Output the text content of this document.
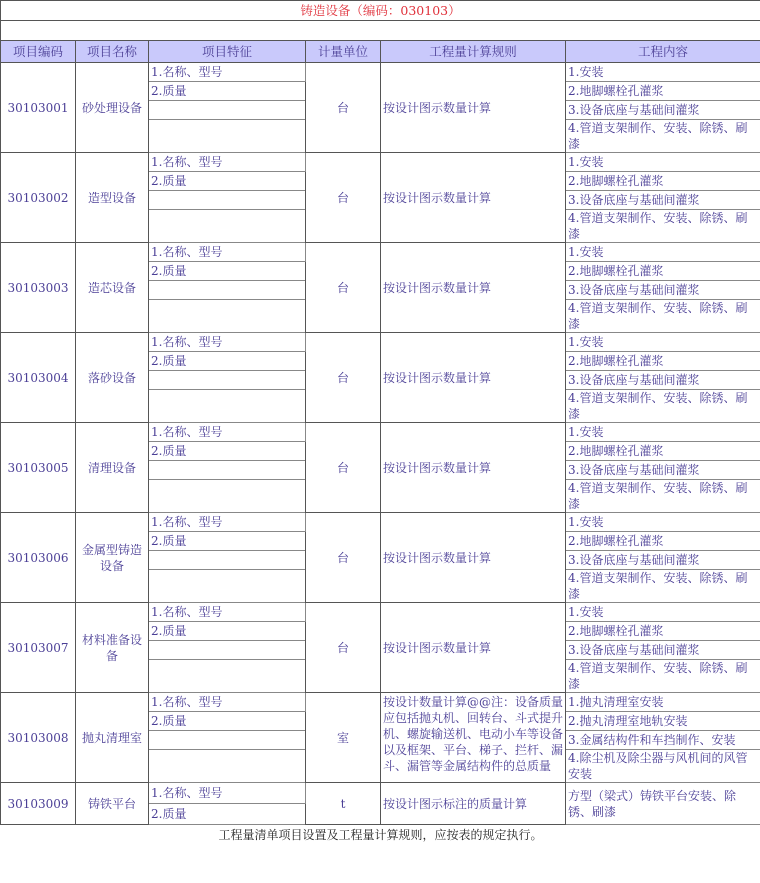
铸造设备（编码：030103）					

项目编码	项目名称	项目特征	计量单位	工程量计算规则	工程内容
30103001	砂处理设备	1.名称、型号	台	按设计图示数量计算	1.安装
		2.质量			2.地脚螺栓孔灌浆
					3.设备底座与基础间灌浆
					4.管道支架制作、安装、除锈、刷漆
30103002	造型设备	1.名称、型号	台	按设计图示数量计算	1.安装
		2.质量			2.地脚螺栓孔灌浆
					3.设备底座与基础间灌浆
					4.管道支架制作、安装、除锈、刷漆
30103003	造芯设备	1.名称、型号	台	按设计图示数量计算	1.安装
		2.质量			2.地脚螺栓孔灌浆
					3.设备底座与基础间灌浆
					4.管道支架制作、安装、除锈、刷漆
30103004	落砂设备	1.名称、型号	台	按设计图示数量计算	1.安装
		2.质量			2.地脚螺栓孔灌浆
					3.设备底座与基础间灌浆
					4.管道支架制作、安装、除锈、刷漆
30103005	清理设备	1.名称、型号	台	按设计图示数量计算	1.安装
		2.质量			2.地脚螺栓孔灌浆
					3.设备底座与基础间灌浆
					4.管道支架制作、安装、除锈、刷漆
30103006	金属型铸造设备	1.名称、型号	台	按设计图示数量计算	1.安装
		2.质量			2.地脚螺栓孔灌浆
					3.设备底座与基础间灌浆
					4.管道支架制作、安装、除锈、刷漆
30103007	材料准备设备	1.名称、型号	台	按设计图示数量计算	1.安装
		2.质量			2.地脚螺栓孔灌浆
					3.设备底座与基础间灌浆
					4.管道支架制作、安装、除锈、刷漆
30103008	抛丸清理室	1.名称、型号	室	按设计数量计算@@注：设备质量应包括抛丸机、回转台、斗式提升机、螺旋输送机、电动小车等设备以及框架、平台、梯子、拦杆、漏斗、漏管等金属结构件的总质量	1.抛丸清理室安装
		2.质量			2.抛丸清理室地轨安装
					3.金属结构件和车挡制作、安装
					4.除尘机及除尘器与风机间的风管安装
30103009	铸铁平台	1.名称、型号	t	按设计图示标注的质量计算	方型（梁式）铸铁平台安装、除锈、刷漆
		2.质量			
工程量清单项目设置及工程量计算规则，应按表的规定执行。					
